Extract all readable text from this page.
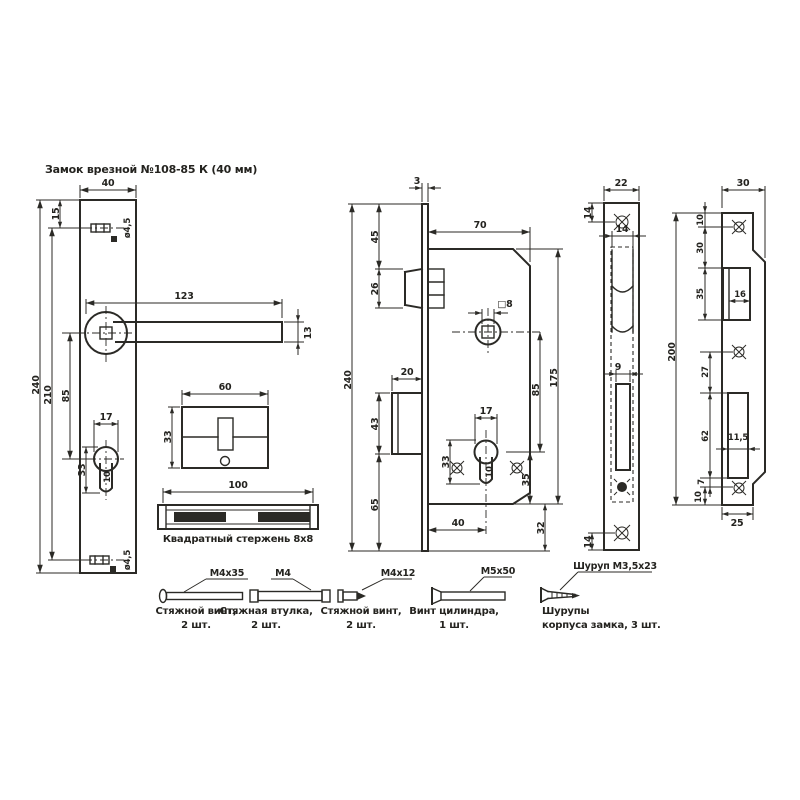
Замок врезной №108-85 К (40 мм)
ø4,5
40
15
210
240
85
123
13
17
33
10
ø4,5
60
33
100
Квадратный стержень 8х8
3
70
240
45
26
□8
20
43
65
17
33
10
85
35
175
40	32
22
14
14
9
14
16
11,5
30
10
30
35
27
62
7
10
200
25
M4х35
Стяжной винт,
2 шт.
M4
Стяжная втулка,
2 шт.
M4х12
Стяжной винт,
2 шт.
М5х50
Винт цилиндра,
1 шт.
Шуруп М3,5х23
Шурупы
корпуса замка, 3 шт.
